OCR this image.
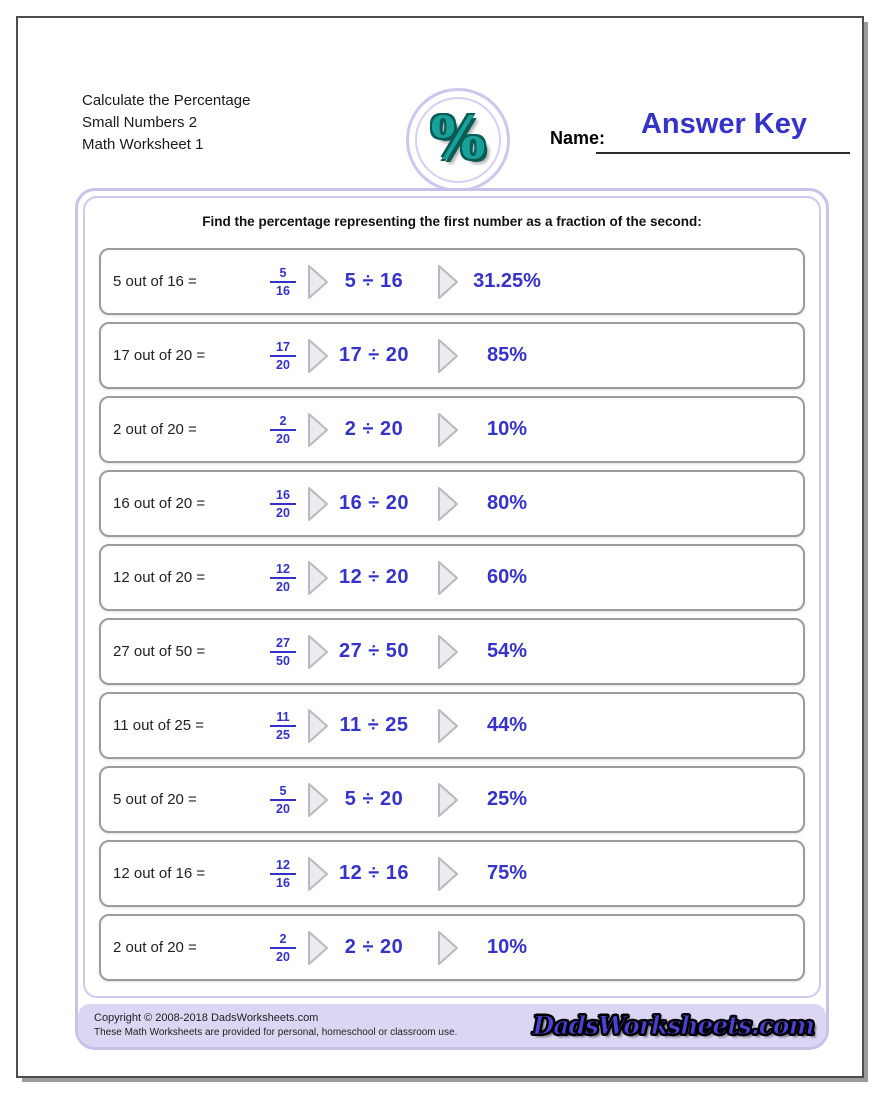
Calculate the Percentage
Small Numbers 2
Math Worksheet 1	%	Name:	Answer Key
Find the percentage representing the first number as a fraction of the second:
5 out of 16 =	$\frac{5}{16}$	5 ÷ 16	31.25%
17 out of 20 =	$\frac{17}{20}$	17 ÷ 20	85%
2 out of 20 =	$\frac{2}{20}$	2 ÷ 20	10%
16 out of 20 =	$\frac{16}{20}$	16 ÷ 20	80%
12 out of 20 =	$\frac{12}{20}$	12 ÷ 20	60%
27 out of 50 =	$\frac{27}{50}$	27 ÷ 50	54%
11 out of 25 =	$\frac{11}{25}$	11 ÷ 25	44%
5 out of 20 =	$\frac{5}{20}$	5 ÷ 20	25%
12 out of 16 =	$\frac{12}{16}$	12 ÷ 16	75%
2 out of 20 =	$\frac{2}{20}$	2 ÷ 20	10%
Copyright © 2008-2018 DadsWorksheets.com
These Math Worksheets are provided for personal, homeschool or classroom use.	DadsWorksheets.com
